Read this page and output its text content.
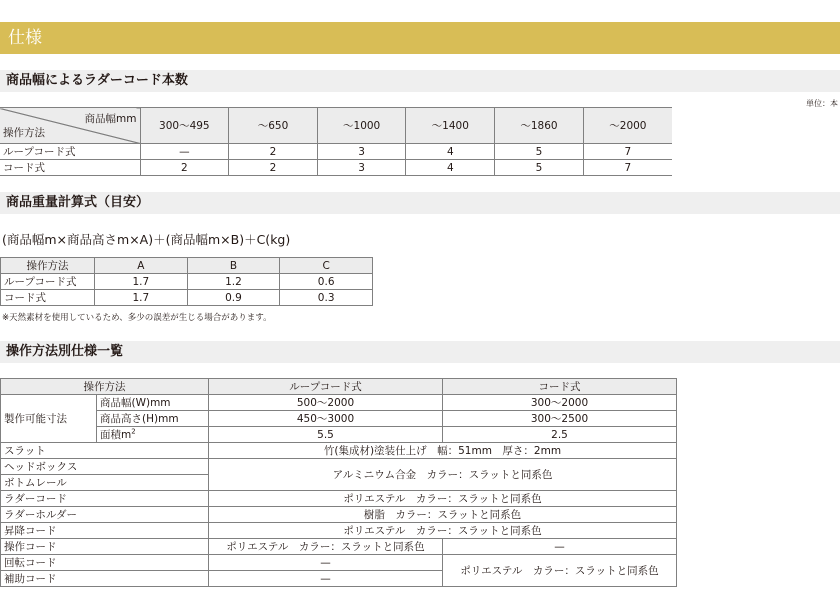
仕様
商品幅によるラダーコード本数
単位：本
商品幅mm
操作方法	300〜495	〜650	〜1000	〜1400	〜1860	〜2000
ループコード式	—	2	3	4	5	7
コード式	2	2	3	4	5	7
商品重量計算式（目安）
(商品幅m×商品高さm×A)＋(商品幅m×B)＋C(kg)
操作方法	A	B	C
ループコード式	1.7	1.2	0.6
コード式	1.7	0.9	0.3
※天然素材を使用しているため、多少の誤差が生じる場合があります。
操作方法別仕様一覧
操作方法		ループコード式	コード式
製作可能寸法	商品幅(W)mm	500〜2000	300〜2000
	商品高さ(H)mm	450〜3000	300〜2500
	面積$m^2$	5.5	2.5
スラット		竹(集成材)塗装仕上げ　幅：51mm　厚さ：2mm	
ヘッドボックス		アルミニウム合金　カラー：スラットと同系色	
ボトムレール			
ラダーコード		ポリエステル　カラー：スラットと同系色	
ラダーホルダー		樹脂　カラー：スラットと同系色	
昇降コード		ポリエステル　カラー：スラットと同系色	
操作コード		ポリエステル　カラー：スラットと同系色	—
回転コード		—	ポリエステル　カラー：スラットと同系色
補助コード		—	
